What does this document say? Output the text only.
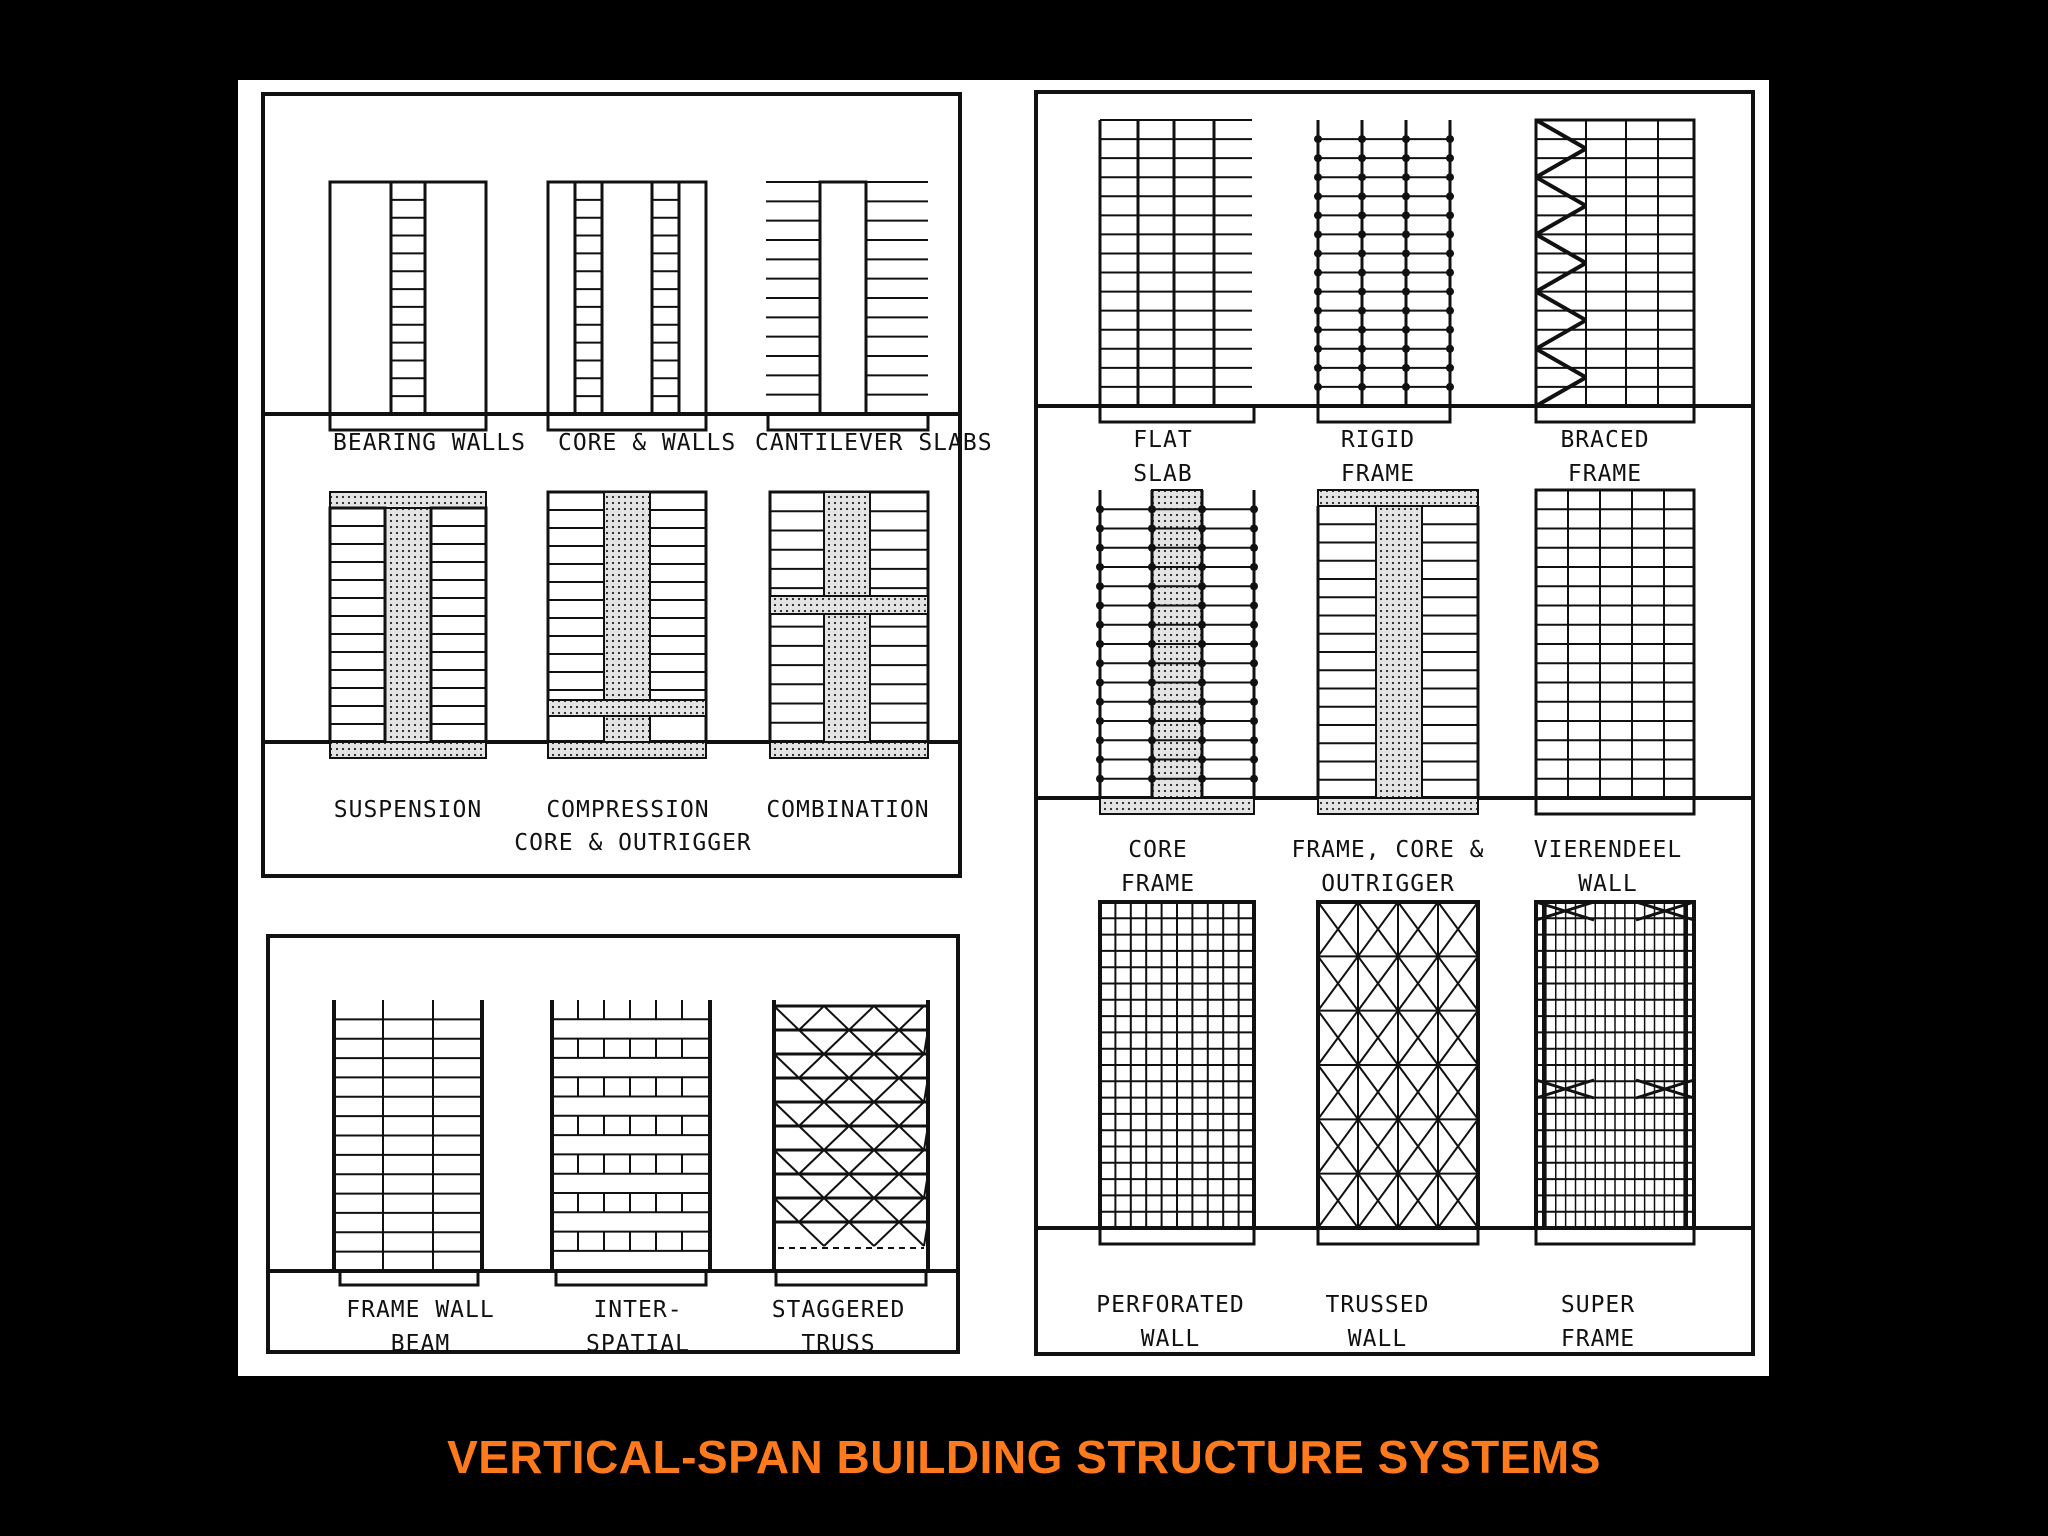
BEARING WALLS CORE & WALLS CANTILEVER SLABS
SUSPENSION	COMPRESSION	COMBINATION
CORE & OUTRIGGER
FRAME WALL BEAM
INTER- SPATIAL
STAGGERED TRUSS
FLAT SLAB
RIGID FRAME
BRACED FRAME
CORE FRAME
FRAME, CORE & OUTRIGGER
VIERENDEEL WALL
PERFORATED WALL
TRUSSED WALL
SUPER FRAME
VERTICAL-SPAN BUILDING STRUCTURE SYSTEMS
